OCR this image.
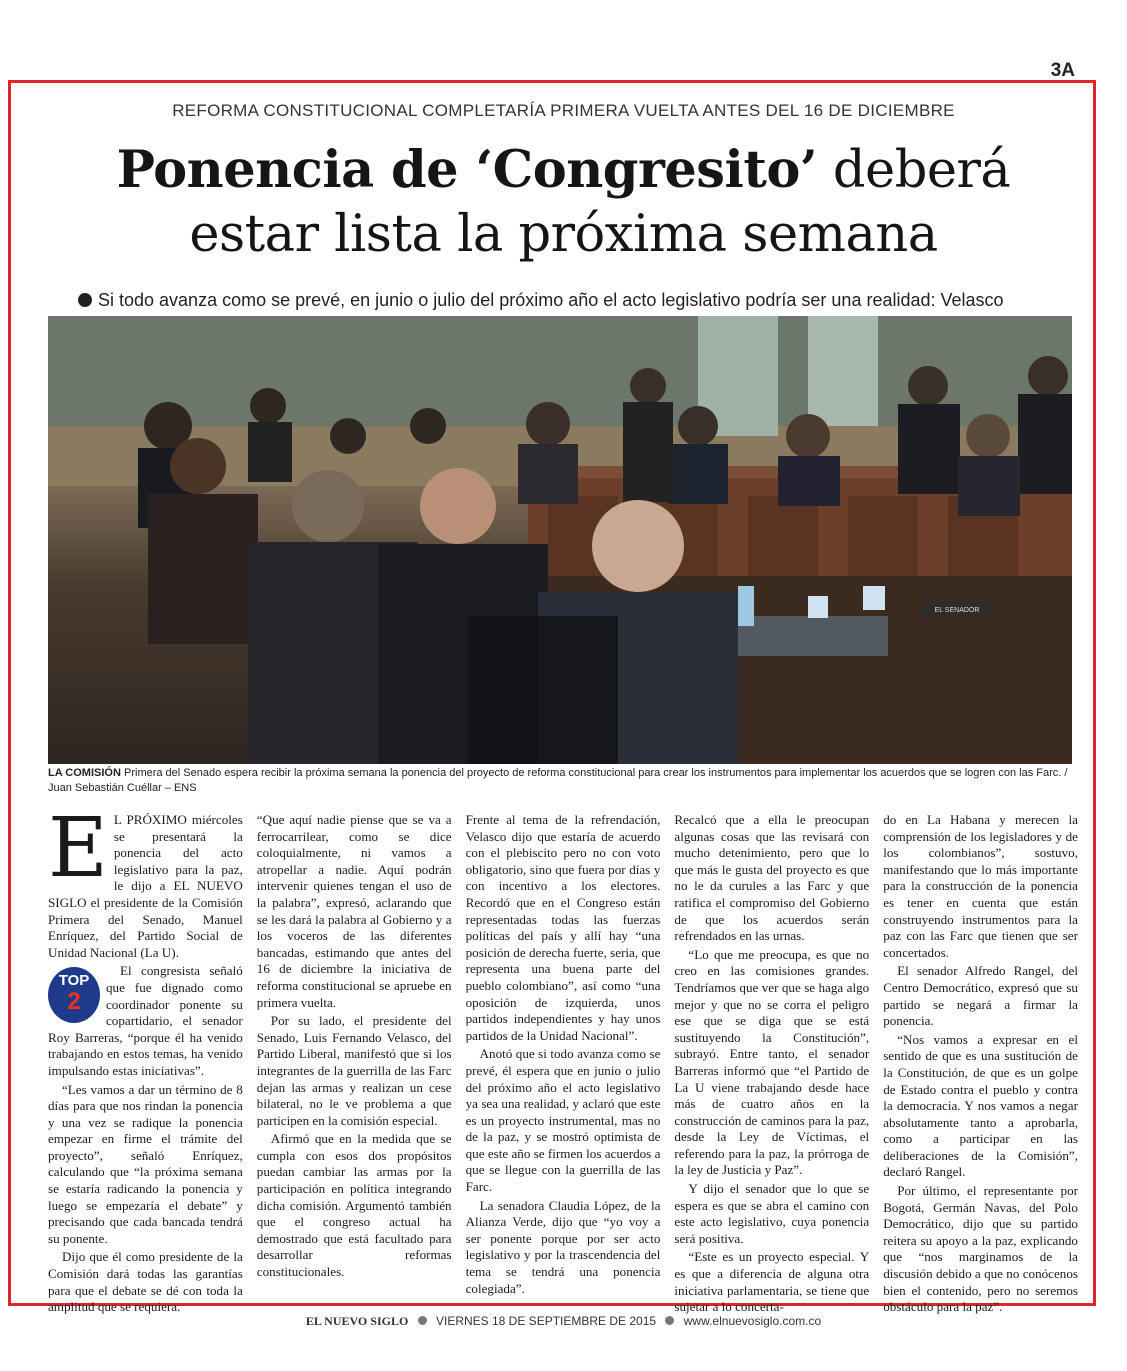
3A
REFORMA CONSTITUCIONAL COMPLETARÍA PRIMERA VUELTA ANTES DEL 16 DE DICIEMBRE
Ponencia de ‘Congresito’ deberá
estar lista la próxima semana
Si todo avanza como se prevé, en junio o julio del próximo año el acto legislativo podría ser una realidad: Velasco
EL SENADOR
LA COMISIÓN Primera del Senado espera recibir la próxima semana la ponencia del proyecto de reforma constitucional para crear los instrumentos para implementar los acuerdos que se logren con las Farc. / Juan Sebastián Cuéllar – ENS
E L PRÓXIMO miércoles se presentará la ponencia del acto legislativo para la paz, le dijo a EL NUEVO SIGLO el presidente de la Comisión Primera del Senado, Manuel Enríquez, del Partido Social de Unidad Nacional (La U).

TOP
2

El congresista señaló que fue dignado como coordinador ponente su copartidario, el senador Roy Barreras, “porque él ha venido trabajando en estos temas, ha venido impulsando estas iniciativas”.

“Les vamos a dar un término de 8 días para que nos rindan la ponencia y una vez se radique la ponencia empezar en firme el trámite del proyecto”, señaló Enríquez, calculando que “la próxima semana se estaría radicando la ponencia y luego se empezaría el debate” y precisando que cada bancada tendrá su ponente.

Dijo que él como presidente de la Comisión dará todas las garantías para que el debate se dé con toda la amplitud que se requiera.

“Que aquí nadie piense que se va a ferrocarrilear, como se dice coloquialmente, ni vamos a atropellar a nadie. Aquí podrán intervenir quienes tengan el uso de la palabra”, expresó, aclarando que se les dará la palabra al Gobierno y a los voceros de las diferentes bancadas, estimando que antes del 16 de diciembre la iniciativa de reforma constitucional se apruebe en primera vuelta.

Por su lado, el presidente del Senado, Luis Fernando Velasco, del Partido Liberal, manifestó que si los integrantes de la guerrilla de las Farc dejan las armas y realizan un cese bilateral, no le ve problema a que participen en la comisión especial.

Afirmó que en la medida que se cumpla con esos dos propósitos puedan cambiar las armas por la participación en política integrando dicha comisión. Argumentó también que el congreso actual ha demostrado que está facultado para desarrollar reformas constitucionales.

Frente al tema de la refrendación, Velasco dijo que estaría de acuerdo con el plebiscito pero no con voto obligatorio, sino que fuera por días y con incentivo a los electores. Recordó que en el Congreso están representadas todas las fuerzas políticas del país y allí hay “una posición de derecha fuerte, seria, que representa una buena parte del pueblo colombiano”, así como “una oposición de izquierda, unos partidos independientes y hay unos partidos de la Unidad Nacional”.

Anotó que si todo avanza como se prevé, él espera que en junio o julio del próximo año el acto legislativo ya sea una realidad, y aclaró que este es un proyecto instrumental, mas no de la paz, y se mostró optimista de que este año se firmen los acuerdos a que se llegue con la guerrilla de las Farc.

La senadora Claudia López, de la Alianza Verde, dijo que “yo voy a ser ponente porque por ser acto legislativo y por la trascendencia del tema se tendrá una ponencia colegiada”.

Recalcó que a ella le preocupan algunas cosas que las revisará con mucho detenimiento, pero que lo que más le gusta del proyecto es que no le da curules a las Farc y que ratifica el compromiso del Gobierno de que los acuerdos serán refrendados en las urnas.

“Lo que me preocupa, es que no creo en las comisiones grandes. Tendríamos que ver que se haga algo mejor y que no se corra el peligro ese que se diga que se está sustituyendo la Constitución”, subrayó. Entre tanto, el senador Barreras informó que “el Partido de La U viene trabajando desde hace más de cuatro años en la construcción de caminos para la paz, desde la Ley de Víctimas, el referendo para la paz, la prórroga de la ley de Justicia y Paz”.

Y dijo el senador que lo que se espera es que se abra el camino con este acto legislativo, cuya ponencia será positiva.

“Este es un proyecto especial. Y es que a diferencia de alguna otra iniciativa parlamentaria, se tiene que sujetar a lo concerta-

do en La Habana y merecen la comprensión de los legisladores y de los colombianos”, sostuvo, manifestando que lo más importante para la construcción de la ponencia es tener en cuenta que están construyendo instrumentos para la paz con las Farc que tienen que ser concertados.

El senador Alfredo Rangel, del Centro Democrático, expresó que su partido se negará a firmar la ponencia.

“Nos vamos a expresar en el sentido de que es una sustitución de la Constitución, de que es un golpe de Estado contra el pueblo y contra la democracia. Y nos vamos a negar absolutamente tanto a aprobarla, como a participar en las deliberaciones de la Comisión”, declaró Rangel.

Por último, el representante por Bogotá, Germán Navas, del Polo Democrático, dijo que su partido reitera su apoyo a la paz, explicando que “nos marginamos de la discusión debido a que no conócenos bien el contenido, pero no seremos obstáculo para la paz”.

EL NUEVO SIGLO VIERNES 18 DE SEPTIEMBRE DE 2015 www.elnuevosiglo.com.co
